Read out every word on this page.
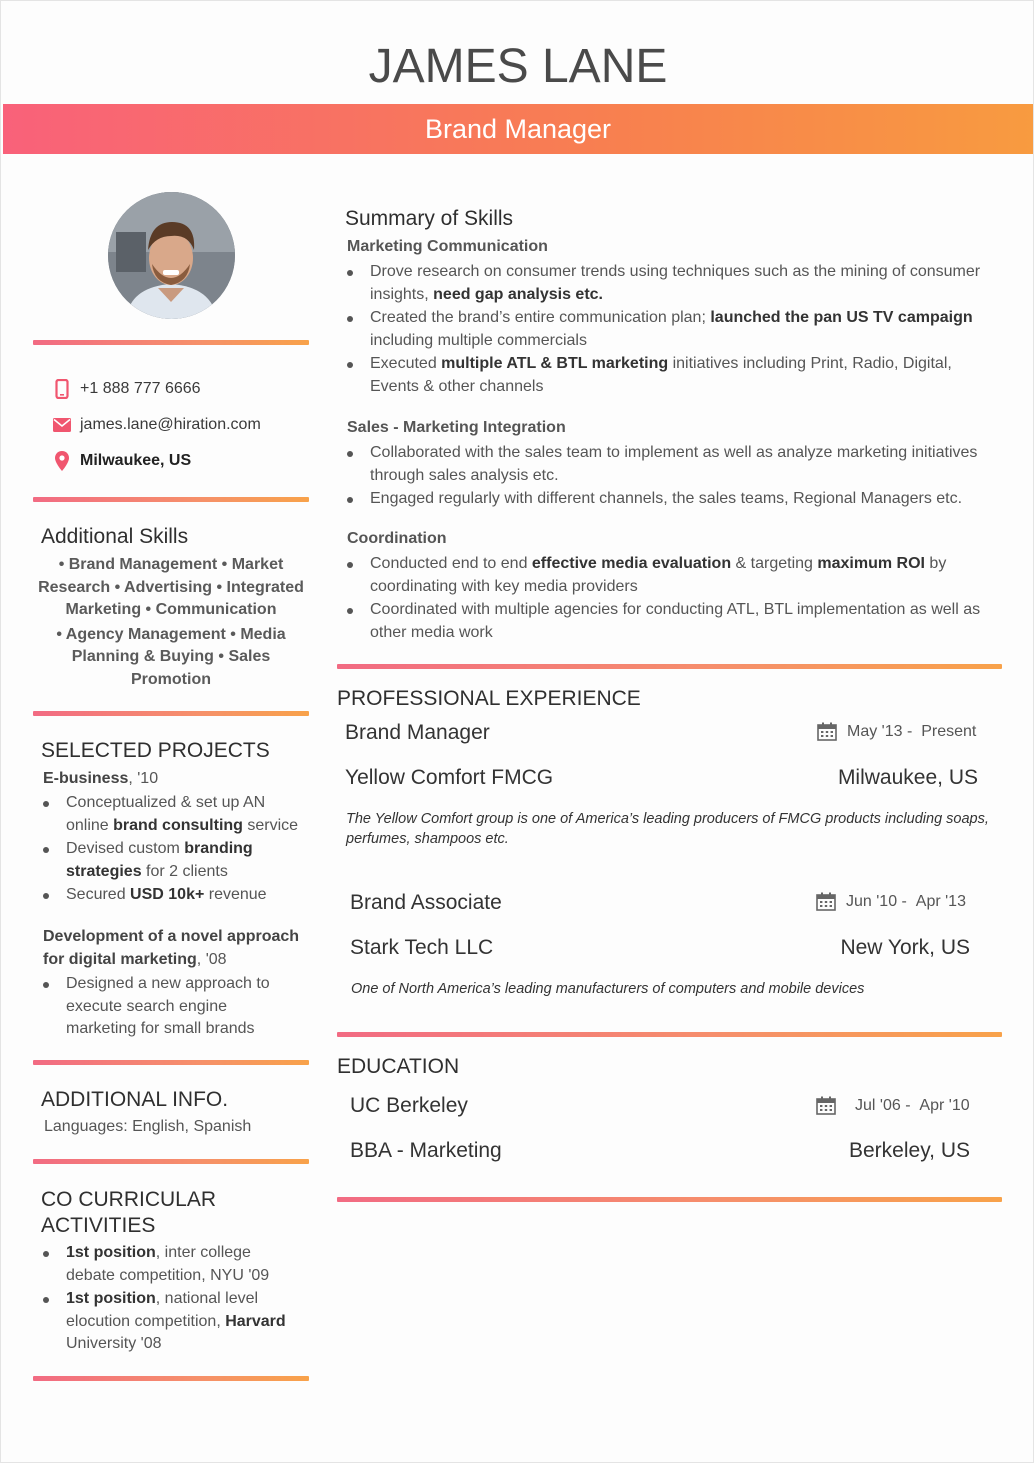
JAMES LANE
Brand Manager
+1 888 777 6666
james.lane@hiration.com
Milwaukee, US
Additional Skills
• Brand Management • Market
Research • Advertising • Integrated
Marketing • Communication
• Agency Management • Media
Planning & Buying • Sales
Promotion
SELECTED PROJECTS
E-business, '10
Conceptualized & set up AN online brand consulting service
Devised custom branding strategies for 2 clients
Secured USD 10k+ revenue
Development of a novel approach for digital marketing, '08
Designed a new approach to execute search engine marketing for small brands
ADDITIONAL INFO.
Languages: English, Spanish
CO CURRICULAR
ACTIVITIES
1st position, inter college debate competition, NYU '09
1st position, national level elocution competition, Harvard University '08
Summary of Skills
Marketing Communication
Drove research on consumer trends using techniques such as the mining of consumer insights, need gap analysis etc.
Created the brand’s entire communication plan; launched the pan US TV campaign including multiple commercials
Executed multiple ATL & BTL marketing initiatives including Print, Radio, Digital, Events & other channels
Sales - Marketing Integration
Collaborated with the sales team to implement as well as analyze marketing initiatives through sales analysis etc.
Engaged regularly with different channels, the sales teams, Regional Managers etc.
Coordination
Conducted end to end effective media evaluation & targeting maximum ROI by coordinating with key media providers
Coordinated with multiple agencies for conducting ATL, BTL implementation as well as other media work
PROFESSIONAL EXPERIENCE
Brand Manager	May '13 -
Present
Yellow Comfort FMCG	Milwaukee, US
The Yellow Comfort group is one of America’s leading producers of FMCG products including soaps, perfumes, shampoos etc.
Brand Associate	Jun '10 -
Apr '13
Stark Tech LLC	New York, US
One of North America’s leading manufacturers of computers and mobile devices
EDUCATION
UC Berkeley	Jul '06 -
Apr '10
BBA - Marketing	Berkeley, US
